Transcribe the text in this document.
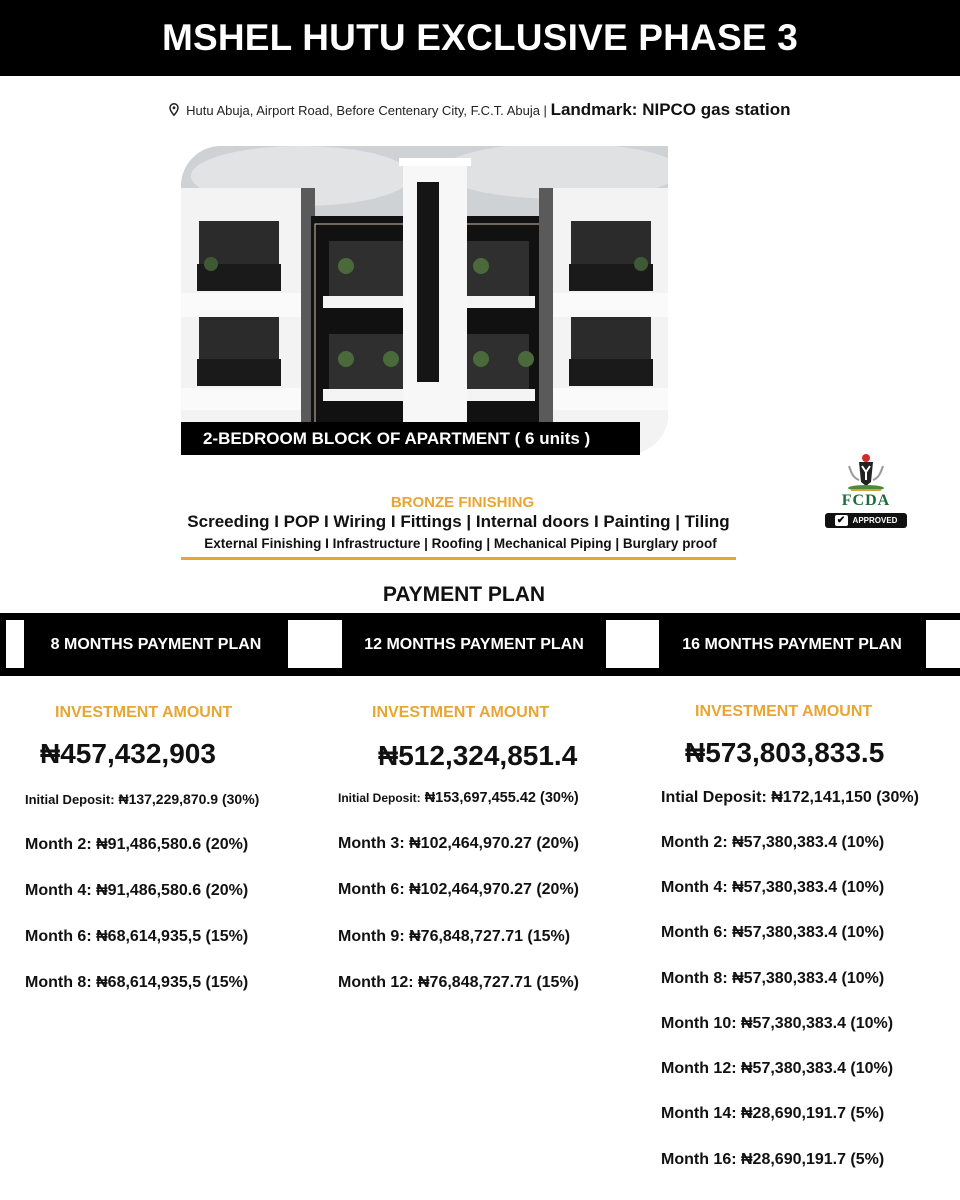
MSHEL HUTU EXCLUSIVE PHASE 3
Hutu Abuja, Airport Road, Before Centenary City, F.C.T. Abuja | Landmark: NIPCO gas station
2-BEDROOM BLOCK OF APARTMENT ( 6 units )
BRONZE FINISHING
Screeding I POP I Wiring I Fittings | Internal doors I Painting | Tiling
External Finishing I Infrastructure | Roofing | Mechanical Piping | Burglary proof
FCDA
✔ APPROVED
PAYMENT PLAN
8 MONTHS PAYMENT PLAN	12 MONTHS PAYMENT PLAN	16 MONTHS PAYMENT PLAN
INVESTMENT AMOUNT
₦457,432,903
Initial Deposit: ₦137,229,870.9 (30%)
Month 2: ₦91,486,580.6 (20%)
Month 4: ₦91,486,580.6 (20%)
Month 6: ₦68,614,935,5 (15%)
Month 8: ₦68,614,935,5 (15%)
INVESTMENT AMOUNT
₦512,324,851.4
Initial Deposit: ₦153,697,455.42 (30%)
Month 3: ₦102,464,970.27 (20%)
Month 6: ₦102,464,970.27 (20%)
Month 9: ₦76,848,727.71 (15%)
Month 12: ₦76,848,727.71 (15%)
INVESTMENT AMOUNT
₦573,803,833.5
Intial Deposit: ₦172,141,150 (30%)
Month 2: ₦57,380,383.4 (10%)
Month 4: ₦57,380,383.4 (10%)
Month 6: ₦57,380,383.4 (10%)
Month 8: ₦57,380,383.4 (10%)
Month 10: ₦57,380,383.4 (10%)
Month 12: ₦57,380,383.4 (10%)
Month 14: ₦28,690,191.7 (5%)
Month 16: ₦28,690,191.7 (5%)
